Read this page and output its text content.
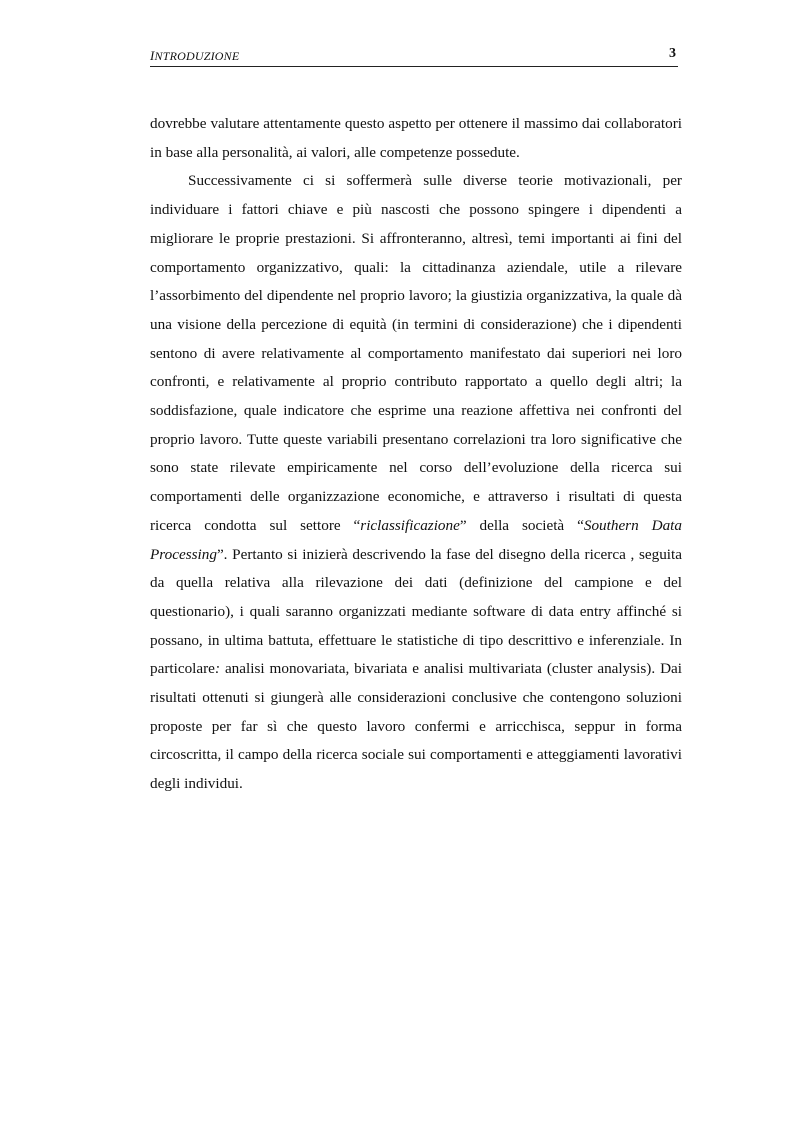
INTRODUZIONE	3

dovrebbe valutare attentamente questo aspetto per ottenere il massimo dai collaboratori in base alla personalità, ai valori, alle competenze possedute.

Successivamente ci si soffermerà sulle diverse teorie motivazionali, per individuare i fattori chiave e più nascosti che possono spingere i dipendenti a migliorare le proprie prestazioni. Si affronteranno, altresì, temi importanti ai fini del comportamento organizzativo, quali: la cittadinanza aziendale, utile a rilevare l’assorbimento del dipendente nel proprio lavoro; la giustizia organizzativa, la quale dà una visione della percezione di equità (in termini di considerazione) che i dipendenti sentono di avere relativamente al comportamento manifestato dai superiori nei loro confronti, e relativamente al proprio contributo rapportato a quello degli altri; la soddisfazione, quale indicatore che esprime una reazione affettiva nei confronti del proprio lavoro. Tutte queste variabili presentano correlazioni tra loro significative che sono state rilevate empiricamente nel corso dell’evoluzione della ricerca sui comportamenti delle organizzazione economiche, e attraverso i risultati di questa ricerca condotta sul settore “riclassificazione” della società “Southern Data Processing”. Pertanto si inizierà descrivendo la fase del disegno della ricerca , seguita da quella relativa alla rilevazione dei dati (definizione del campione e del questionario), i quali saranno organizzati mediante software di data entry affinché si possano, in ultima battuta, effettuare le statistiche di tipo descrittivo e inferenziale. In particolare: analisi monovariata, bivariata e analisi multivariata (cluster analysis). Dai risultati ottenuti si giungerà alle considerazioni conclusive che contengono soluzioni proposte per far sì che questo lavoro confermi e arricchisca, seppur in forma circoscritta, il campo della ricerca sociale sui comportamenti e atteggiamenti lavorativi degli individui.
